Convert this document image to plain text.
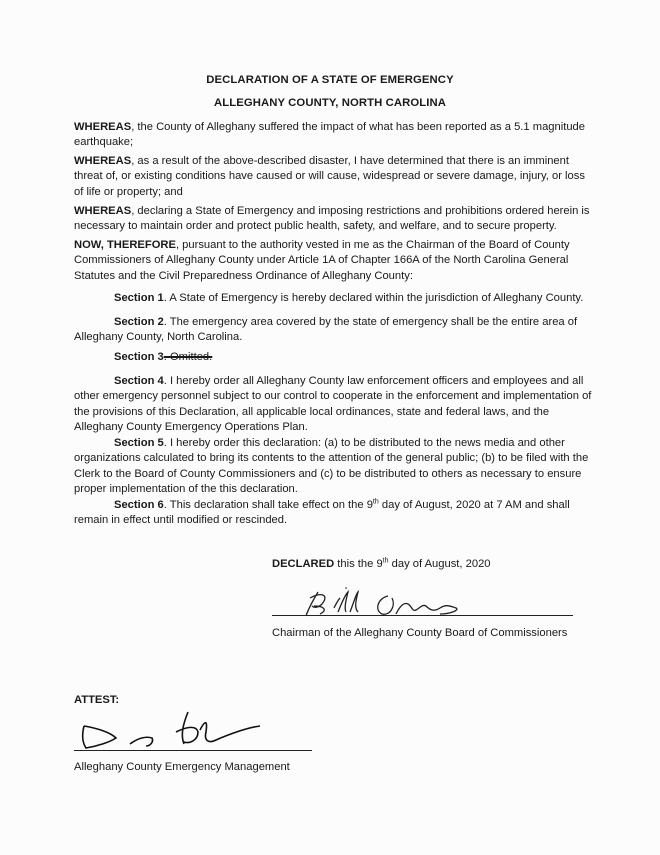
DECLARATION OF A STATE OF EMERGENCY
ALLEGHANY COUNTY, NORTH CAROLINA

WHEREAS, the County of Alleghany suffered the impact of what has been reported as a 5.1 magnitude earthquake;

WHEREAS, as a result of the above-described disaster, I have determined that there is an imminent threat of, or existing conditions have caused or will cause, widespread or severe damage, injury, or loss of life or property; and

WHEREAS, declaring a State of Emergency and imposing restrictions and prohibitions ordered herein is necessary to maintain order and protect public health, safety, and welfare, and to secure property.

NOW, THEREFORE, pursuant to the authority vested in me as the Chairman of the Board of County Commissioners of Alleghany County under Article 1A of Chapter 166A of the North Carolina General Statutes and the Civil Preparedness Ordinance of Alleghany County:

Section 1. A State of Emergency is hereby declared within the jurisdiction of Alleghany County.

Section 2. The emergency area covered by the state of emergency shall be the entire area of Alleghany County, North Carolina.

Section 3. Omitted.

Section 4. I hereby order all Alleghany County law enforcement officers and employees and all other emergency personnel subject to our control to cooperate in the enforcement and implementation of the provisions of this Declaration, all applicable local ordinances, state and federal laws, and the Alleghany County Emergency Operations Plan.

Section 5. I hereby order this declaration: (a) to be distributed to the news media and other organizations calculated to bring its contents to the attention of the general public; (b) to be filed with the Clerk to the Board of County Commissioners and (c) to be distributed to others as necessary to ensure proper implementation of the this declaration.

Section 6. This declaration shall take effect on the 9th day of August, 2020 at 7 AM and shall remain in effect until modified or rescinded.

DECLARED this the 9th day of August, 2020

Chairman of the Alleghany County Board of Commissioners

ATTEST:

Alleghany County Emergency Management
